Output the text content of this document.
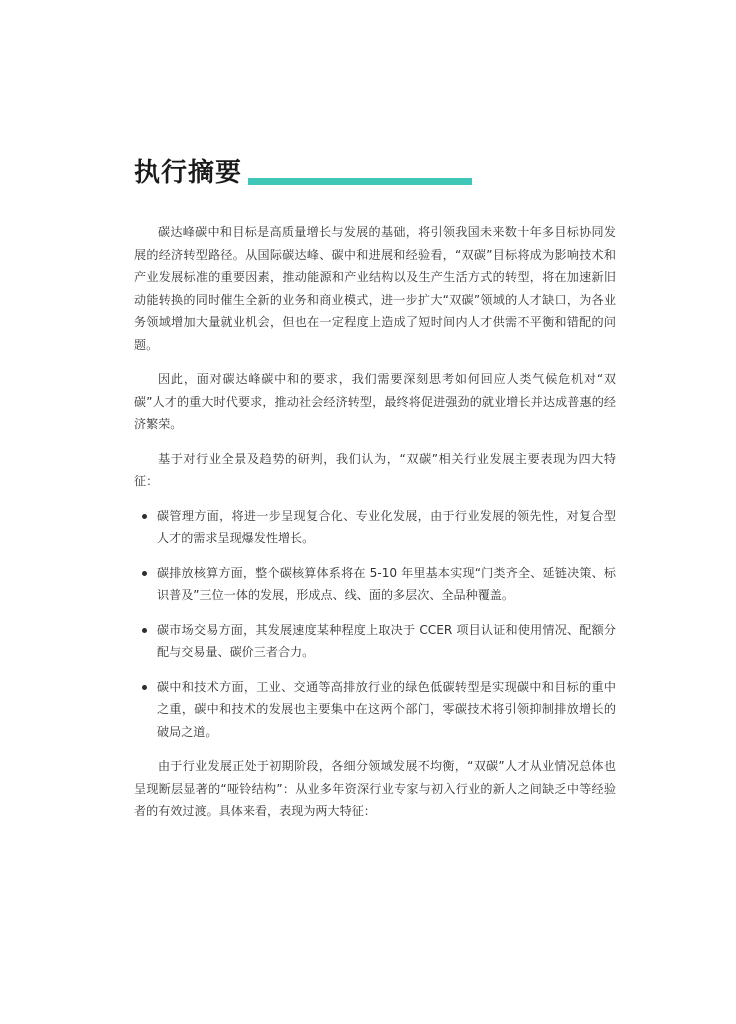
执行摘要

碳达峰碳中和目标是高质量增长与发展的基础，将引领我国未来数十年多目标协同发展的经济转型路径。从国际碳达峰、碳中和进展和经验看，“双碳”目标将成为影响技术和产业发展标准的重要因素，推动能源和产业结构以及生产生活方式的转型，将在加速新旧动能转换的同时催生全新的业务和商业模式，进一步扩大“双碳”领域的人才缺口，为各业务领域增加大量就业机会，但也在一定程度上造成了短时间内人才供需不平衡和错配的问题。

因此，面对碳达峰碳中和的要求，我们需要深刻思考如何回应人类气候危机对“双碳”人才的重大时代要求，推动社会经济转型，最终将促进强劲的就业增长并达成普惠的经济繁荣。

基于对行业全景及趋势的研判，我们认为，“双碳”相关行业发展主要表现为四大特征：

碳管理方面，将进一步呈现复合化、专业化发展，由于行业发展的领先性，对复合型人才的需求呈现爆发性增长。
碳排放核算方面，整个碳核算体系将在 5-10 年里基本实现“门类齐全、延链决策、标识普及”三位一体的发展，形成点、线、面的多层次、全品种覆盖。
碳市场交易方面，其发展速度某种程度上取决于 CCER 项目认证和使用情况、配额分配与交易量、碳价三者合力。
碳中和技术方面，工业、交通等高排放行业的绿色低碳转型是实现碳中和目标的重中之重，碳中和技术的发展也主要集中在这两个部门，零碳技术将引领抑制排放增长的破局之道。

由于行业发展正处于初期阶段，各细分领域发展不均衡，“双碳”人才从业情况总体也呈现断层显著的“哑铃结构”：从业多年资深行业专家与初入行业的新人之间缺乏中等经验者的有效过渡。具体来看，表现为两大特征：
